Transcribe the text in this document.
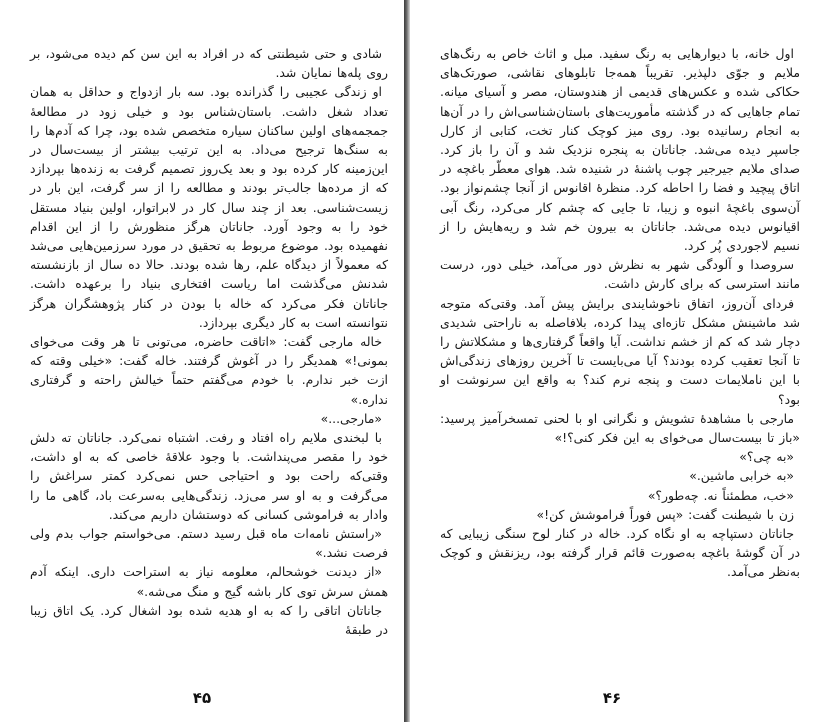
شادی و حتی شیطنتی که در افراد به این سن کم دیده می‌شود، بر روی پله‌ها نمایان شد.

او زندگی عجیبی را گذرانده بود. سه بار ازدواج و حداقل به همان تعداد شغل داشت. باستان‌شناس بود و خیلی زود در مطالعهٔ جمجمه‌های اولین ساکنان سیاره متخصص شده بود، چرا که آدم‌ها را به سنگ‌ها ترجیح می‌داد. به این ترتیب بیشتر از بیست‌سال در این‌زمینه کار کرده بود و بعد یک‌روز تصمیم گرفت به زنده‌ها بپردازد که از مرده‌ها جالب‌تر بودند و مطالعه را از سر گرفت، این بار در زیست‌شناسی. بعد از چند سال کار در لابراتوار، اولین بنیاد مستقل خود را به وجود آورد. جاناتان هرگز منظورش را از این اقدام نفهمیده بود. موضوع مربوط به تحقیق در مورد سرزمین‌هایی می‌شد که معمولاً از دیدگاه علم، رها شده بودند. حالا ده سال از بازنشسته شدنش می‌گذشت اما ریاست افتخاری بنیاد را برعهده داشت. جاناتان فکر می‌کرد که خاله با بودن در کنار پژوهشگران هرگز نتوانسته است به کار دیگری بپردازد.

خاله مارجی گفت: «اتاقت حاضره، می‌تونی تا هر وقت می‌خوای بمونی!» همدیگر را در آغوش گرفتند. خاله گفت: «خیلی وقته که ازت خبر ندارم. با خودم می‌گفتم حتماً خیالش راحته و گرفتاری نداره.»

«مارجی...»

با لبخندی ملایم راه افتاد و رفت. اشتباه نمی‌کرد. جاناتان ته دلش خود را مقصر می‌پنداشت. با وجود علاقهٔ خاصی که به او داشت، وقتی‌که راحت بود و احتیاجی حس نمی‌کرد کمتر سراغش را می‌گرفت و به او سر می‌زد. زندگی‌هایی به‌سرعت باد، گاهی ما را وادار به فراموشی کسانی که دوستشان داریم می‌کند.

«راستش نامه‌ات ماه قبل رسید دستم. می‌خواستم جواب بدم ولی فرصت نشد.»

«از دیدنت خوشحالم، معلومه نیاز به استراحت داری. اینکه آدم همش سرش توی کار باشه گیج و منگ می‌شه.»

جاناتان اتاقی را که به او هدیه شده بود اشغال کرد. یک اتاق زیبا در طبقهٔ

۴۵

اول خانه، با دیوارهایی به رنگ سفید. مبل و اثاث خاص به رنگ‌های ملایم و جوّی دلپذیر. تقریباً همه‌جا تابلوهای نقاشی، صورتک‌های حکاکی شده و عکس‌های قدیمی از هندوستان، مصر و آسیای میانه. تمام جاهایی که در گذشته مأموریت‌های باستان‌شناسی‌اش را در آن‌ها به انجام رسانیده بود. روی میز کوچک کنار تخت، کتابی از کارل جاسپر دیده می‌شد. جاناتان به پنجره نزدیک شد و آن را باز کرد. صدای ملایم جیرجیر چوب پاشنهٔ در شنیده شد. هوای معطّر باغچه در اتاق پیچید و فضا را احاطه کرد. منظرهٔ اقانوس از آنجا چشم‌نواز بود. آن‌سوی باغچهٔ انبوه و زیبا، تا جایی که چشم کار می‌کرد، رنگ آبی اقیانوس دیده می‌شد. جاناتان به بیرون خم شد و ریه‌هایش را از نسیم لاجوردی پُر کرد.

سروصدا و آلودگی شهر به نظرش دور می‌آمد، خیلی دور، درست مانند استرسی که برای کارش داشت.

فردای آن‌روز، اتفاق ناخوشایندی برایش پیش آمد. وقتی‌که متوجه شد ماشینش مشکل تازه‌ای پیدا کرده، بلافاصله به ناراحتی شدیدی دچار شد که کم از خشم نداشت. آیا واقعاً گرفتاری‌ها و مشکلاتش را تا آنجا تعقیب کرده بودند؟ آیا می‌بایست تا آخرین روزهای زندگی‌اش با این ناملایمات دست و پنجه نرم کند؟ به واقع این سرنوشت او بود؟

مارجی با مشاهدهٔ تشویش و نگرانی او با لحنی تمسخرآمیز پرسید: «باز تا بیست‌سال می‌خوای به این فکر کنی؟!»

«به چی؟»

«به خرابی ماشین.»

«خب، مطمئناً نه. چه‌طور؟»

زن با شیطنت گفت: «پس فوراً فراموشش کن!»

جاناتان دستپاچه به او نگاه کرد. خاله در کنار لوح سنگی زیبایی که در آن گوشهٔ باغچه به‌صورت قائم قرار گرفته بود، ریزنقش و کوچک به‌نظر می‌آمد.

۴۶
